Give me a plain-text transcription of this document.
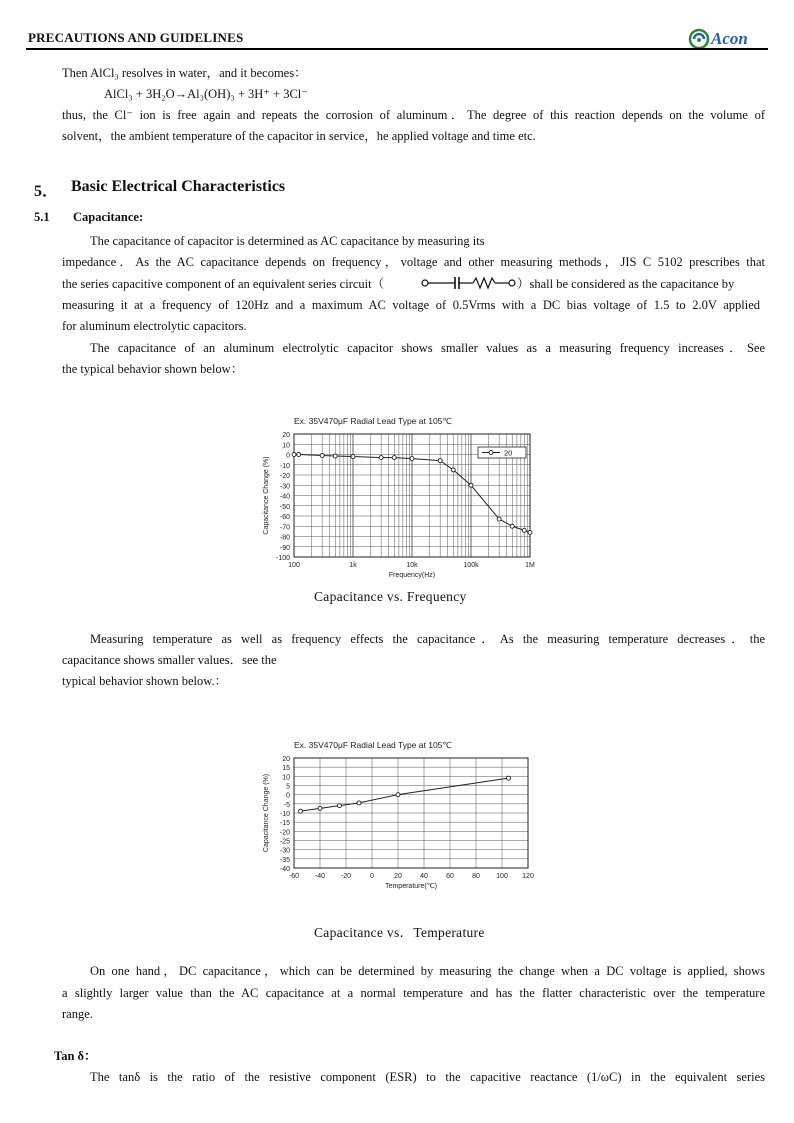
PRECAUTIONS AND GUIDELINES	Acon
Then AlCl₃ resolves in water，and it becomes：
AlCl₃ + 3H₂O→Al₃(OH)₃ + 3H⁺ + 3Cl⁻
thus, the Cl⁻ ion is free again and repeats the corrosion of aluminum．The degree of this reaction depends on the volume of
solvent，the ambient temperature of the capacitor in service，he applied voltage and time etc.
5． Basic Electrical Characteristics
5.1 Capacitance:
The capacitance of capacitor is determined as AC capacitance by measuring its
impedance．As the AC capacitance depends on frequency，voltage and other measuring methods，JIS C 5102 prescribes that
the series capacitive component of an equivalent series circuit（	）shall be considered as the capacitance by
measuring it at a frequency of 120Hz and a maximum AC voltage of 0.5Vrms with a DC bias voltage of 1.5 to 2.0V applied
for aluminum electrolytic capacitors.
The capacitance of an aluminum electrolytic capacitor shows smaller values as a measuring frequency increases．See
the typical behavior shown below：
Ex. 35V470μF Radial Lead Type at 105℃
20
10
0
-10
-20
-30
-40
-50
-60
-70
-80
-90
-100
100	1k	10k	100k	1M
Frequency(Hz)
Capacitance Change (%)
20
Capacitance vs. Frequency
Measuring temperature as well as frequency effects the capacitance．As the measuring temperature decreases．the
capacitance shows smaller values．see the
typical behavior shown below.：
Ex. 35V470μF Radial Lead Type at 105℃
-60 -40 -20	0	20	40	60	80 100 120
20
15
10
5
0
-5
-10
-15
-20
-25
-30
-35
-40
Temperature(℃)
Capacitance Change (%)
Capacitance vs．Temperature
On one hand，DC capacitance，which can be determined by measuring the change when a DC voltage is applied, shows
a slightly larger value than the AC capacitance at a normal temperature and has the flatter characteristic over the temperature
range.
Tan δ：
The tanδ is the ratio of the resistive component (ESR) to the capacitive reactance (1/ωC) in the equivalent series
